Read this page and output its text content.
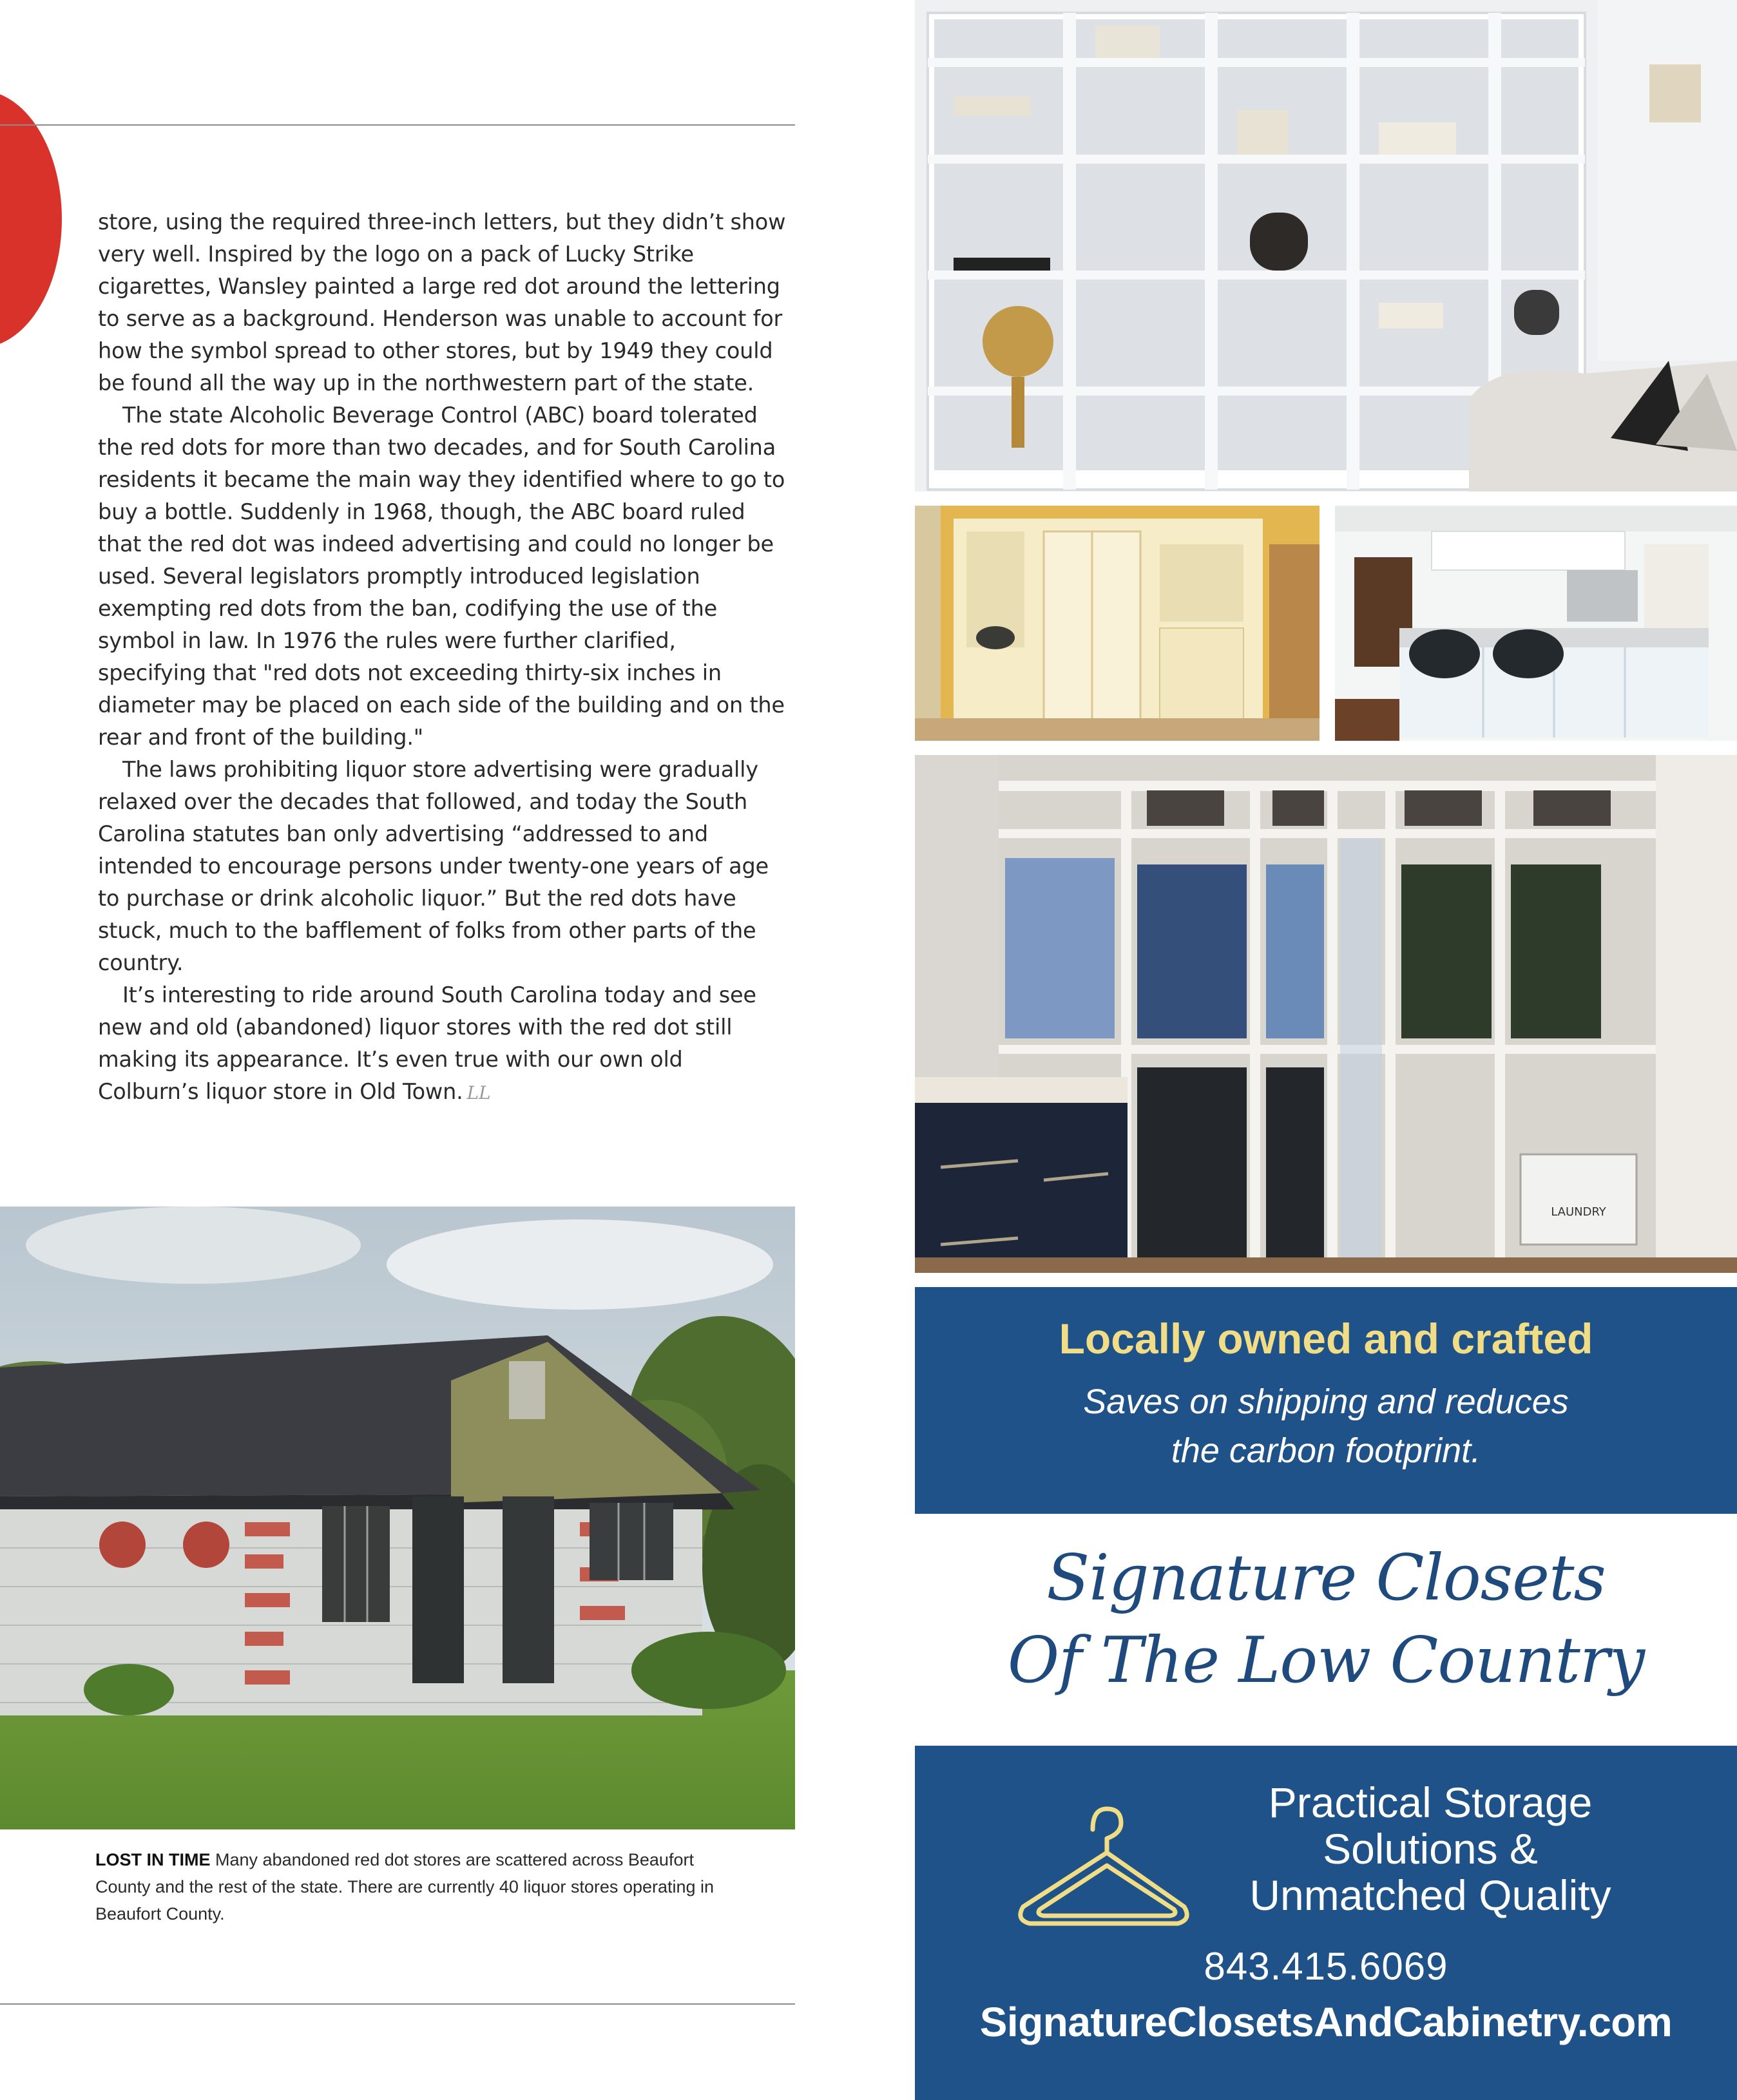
store, using the required three-inch letters, but they didn’t show very well. Inspired by the logo on a pack of Lucky Strike cigarettes, Wansley painted a large red dot around the lettering to serve as a background. Henderson was unable to account for how the symbol spread to other stores, but by 1949 they could be found all the way up in the northwestern part of the state.

The state Alcoholic Beverage Control (ABC) board tolerated the red dots for more than two decades, and for South Carolina residents it became the main way they identified where to go to buy a bottle. Suddenly in 1968, though, the ABC board ruled that the red dot was indeed advertising and could no longer be used. Several legislators promptly introduced legislation exempting red dots from the ban, codifying the use of the symbol in law. In 1976 the rules were further clarified, specifying that "red dots not exceeding thirty-six inches in diameter may be placed on each side of the building and on the rear and front of the building."

The laws prohibiting liquor store advertising were gradually relaxed over the decades that followed, and today the South Carolina statutes ban only advertising “addressed to and intended to encourage persons under twenty-one years of age to purchase or drink alcoholic liquor.” But the red dots have stuck, much to the bafflement of folks from other parts of the country.

It’s interesting to ride around South Carolina today and see new and old (abandoned) liquor stores with the red dot still making its appearance. It’s even true with our own old Colburn’s liquor store in Old Town. LL

LOST IN TIME Many abandoned red dot stores are scattered across Beaufort County and the rest of the state. There are currently 40 liquor stores operating in Beaufort County.
LAUNDRY
Locally owned and crafted
Saves on shipping and reduces
the carbon footprint.
Signature Closets
Of The Low Country
Practical Storage
Solutions &
Unmatched Quality
843.415.6069
SignatureClosetsAndCabinetry.com
